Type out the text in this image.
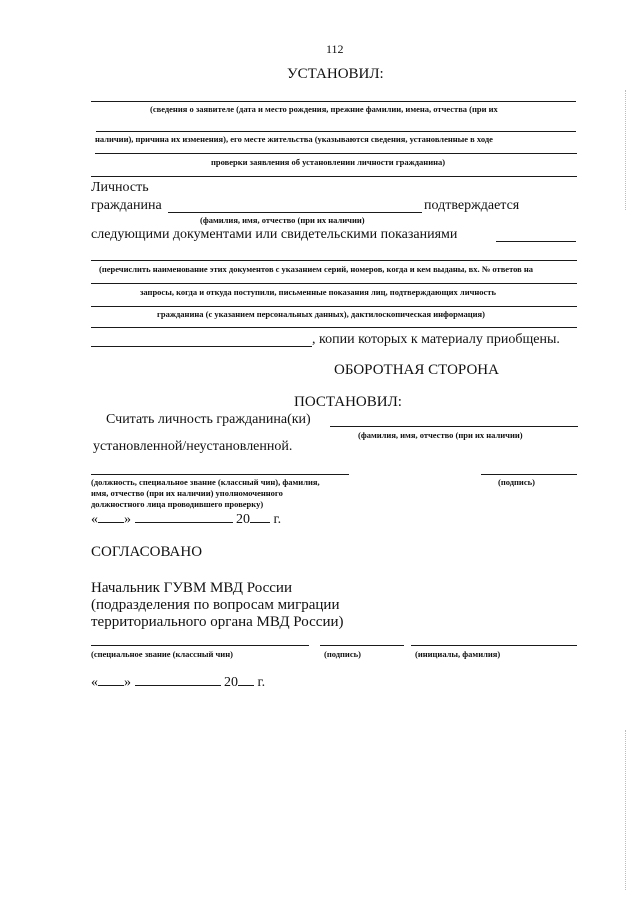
112
УСТАНОВИЛ:
(сведения о заявителе (дата и место рождения, прежние фамилии, имена, отчества (при их
наличии), причина их изменения), его месте жительства (указываются сведения, установленные в ходе
проверки заявления об установлении личности гражданина)
Личность
гражданина	подтверждается
(фамилия, имя, отчество (при их наличии)
следующими документами или свидетельскими показаниями
(перечислить наименование этих документов с указанием серий, номеров, когда и кем выданы, вх. № ответов на
запросы, когда и откуда поступили, письменные показания лиц, подтверждающих личность
гражданина (с указанием персональных данных), дактилоскопическая информация)
, копии которых к материалу приобщены.
ОБОРОТНАЯ СТОРОНА
ПОСТАНОВИЛ:
Считать личность гражданина(ки)
(фамилия, имя, отчество (при их наличии)
установленной/неустановленной.
(должность, специальное звание (классный чин), фамилия,
имя, отчество (при их наличии) уполномоченного
должностного лица проводившего проверку)
(подпись)
« »	20 г.
СОГЛАСОВАНО
Начальник ГУВМ МВД России
(подразделения по вопросам миграции
территориального органа МВД России)
(специальное звание (классный чин)	(подпись)	(инициалы, фамилия)
« »	20 г.
